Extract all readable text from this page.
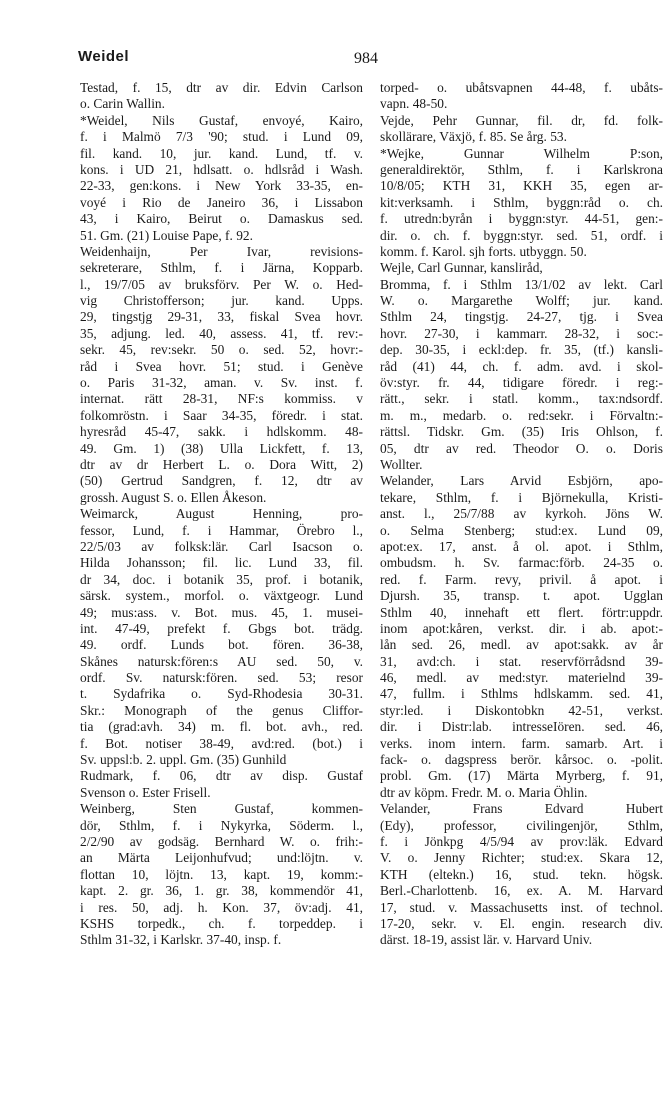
Weidel	984
Testad, f. 15, dtr av dir. Edvin Carlson
o. Carin Wallin.
*Weidel, Nils Gustaf, envoyé, Kairo,
f. i Malmö 7/3 '90; stud. i Lund 09,
fil. kand. 10, jur. kand. Lund, tf. v.
kons. i UD 21, hdlsatt. o. hdlsråd i Wash.
22-33, gen:kons. i New York 33-35, en-
voyé i Rio de Janeiro 36, i Lissabon
43, i Kairo, Beirut o. Damaskus sed.
51. Gm. (21) Louise Pape, f. 92.
Weidenhaijn, Per Ivar, revisions-
sekreterare, Sthlm, f. i Järna, Kopparb.
l., 19/7/05 av bruksförv. Per W. o. Hed-
vig Christofferson; jur. kand. Upps.
29, tingstjg 29-31, 33, fiskal Svea hovr.
35, adjung. led. 40, assess. 41, tf. rev:-
sekr. 45, rev:sekr. 50 o. sed. 52, hovr:-
råd i Svea hovr. 51; stud. i Genève
o. Paris 31-32, aman. v. Sv. inst. f.
internat. rätt 28-31, NF:s kommiss. v
folkomröstn. i Saar 34-35, föredr. i stat.
hyresråd 45-47, sakk. i hdlskomm. 48-
49. Gm. 1) (38) Ulla Lickfett, f. 13,
dtr av dr Herbert L. o. Dora Witt, 2)
(50) Gertrud Sandgren, f. 12, dtr av
grossh. August S. o. Ellen Åkeson.
Weimarck, August Henning, pro-
fessor, Lund, f. i Hammar, Örebro l.,
22/5/03 av folksk:lär. Carl Isacson o.
Hilda Johansson; fil. lic. Lund 33, fil.
dr 34, doc. i botanik 35, prof. i botanik,
särsk. system., morfol. o. växtgeogr. Lund
49; mus:ass. v. Bot. mus. 45, 1. musei-
int. 47-49, prefekt f. Gbgs bot. trädg.
49. ordf. Lunds bot. fören. 36-38,
Skånes natursk:fören:s AU sed. 50, v.
ordf. Sv. natursk:fören. sed. 53; resor
t. Sydafrika o. Syd-Rhodesia 30-31.
Skr.: Monograph of the genus Cliffor-
tia (grad:avh. 34) m. fl. bot. avh., red.
f. Bot. notiser 38-49, avd:red. (bot.) i
Sv. uppsl:b. 2. uppl. Gm. (35) Gunhild
Rudmark, f. 06, dtr av disp. Gustaf
Svenson o. Ester Frisell.
Weinberg, Sten Gustaf, kommen-
dör, Sthlm, f. i Nykyrka, Söderm. l.,
2/2/90 av godsäg. Bernhard W. o. frih:-
an Märta Leijonhufvud; und:löjtn. v.
flottan 10, löjtn. 13, kapt. 19, komm:-
kapt. 2. gr. 36, 1. gr. 38, kommendör 41,
i res. 50, adj. h. Kon. 37, öv:adj. 41,
KSHS torpedk., ch. f. torpeddep. i
Sthlm 31-32, i Karlskr. 37-40, insp. f.
torped- o. ubåtsvapnen 44-48, f. ubåts-
vapn. 48-50.
Vejde, Pehr Gunnar, fil. dr, fd. folk-
skollärare, Växjö, f. 85. Se årg. 53.
*Wejke, Gunnar Wilhelm P:son,
generaldirektör, Sthlm, f. i Karlskrona
10/8/05; KTH 31, KKH 35, egen ar-
kit:verksamh. i Sthlm, byggn:råd o. ch.
f. utredn:byrån i byggn:styr. 44-51, gen:-
dir. o. ch. f. byggn:styr. sed. 51, ordf. i
komm. f. Karol. sjh forts. utbyggn. 50.
Wejle, Carl Gunnar, kansliråd,
Bromma, f. i Sthlm 13/1/02 av lekt. Carl
W. o. Margarethe Wolff; jur. kand.
Sthlm 24, tingstjg. 24-27, tjg. i Svea
hovr. 27-30, i kammarr. 28-32, i soc:-
dep. 30-35, i eckl:dep. fr. 35, (tf.) kansli-
råd (41) 44, ch. f. adm. avd. i skol-
öv:styr. fr. 44, tidigare föredr. i reg:-
rätt., sekr. i statl. komm., tax:ndsordf.
m. m., medarb. o. red:sekr. i Förvaltn:-
rättsl. Tidskr. Gm. (35) Iris Ohlson, f.
05, dtr av red. Theodor O. o. Doris
Wollter.
Welander, Lars Arvid Esbjörn, apo-
tekare, Sthlm, f. i Björnekulla, Kristi-
anst. l., 25/7/88 av kyrkoh. Jöns W.
o. Selma Stenberg; stud:ex. Lund 09,
apot:ex. 17, anst. å ol. apot. i Sthlm,
ombudsm. h. Sv. farmac:förb. 24-35 o.
red. f. Farm. revy, privil. å apot. i
Djursh. 35, transp. t. apot. Ugglan
Sthlm 40, innehaft ett flert. förtr:uppdr.
inom apot:kåren, verkst. dir. i ab. apot:-
lån sed. 26, medl. av apot:sakk. av år
31, avd:ch. i stat. reservförrådsnd 39-
46, medl. av med:styr. materielnd 39-
47, fullm. i Sthlms hdlskamm. sed. 41,
styr:led. i Diskontobkn 42-51, verkst.
dir. i Distr:lab. intresseIören. sed. 46,
verks. inom intern. farm. samarb. Art. i
fack- o. dagspress berör. kårsoc. o. -polit.
probl. Gm. (17) Märta Myrberg, f. 91,
dtr av köpm. Fredr. M. o. Maria Öhlin.
Velander, Frans Edvard Hubert
(Edy), professor, civilingenjör, Sthlm,
f. i Jönkpg 4/5/94 av prov:läk. Edvard
V. o. Jenny Richter; stud:ex. Skara 12,
KTH (eltekn.) 16, stud. tekn. högsk.
Berl.-Charlottenb. 16, ex. A. M. Harvard
17, stud. v. Massachusetts inst. of technol.
17-20, sekr. v. El. engin. research div.
därst. 18-19, assist lär. v. Harvard Univ.
